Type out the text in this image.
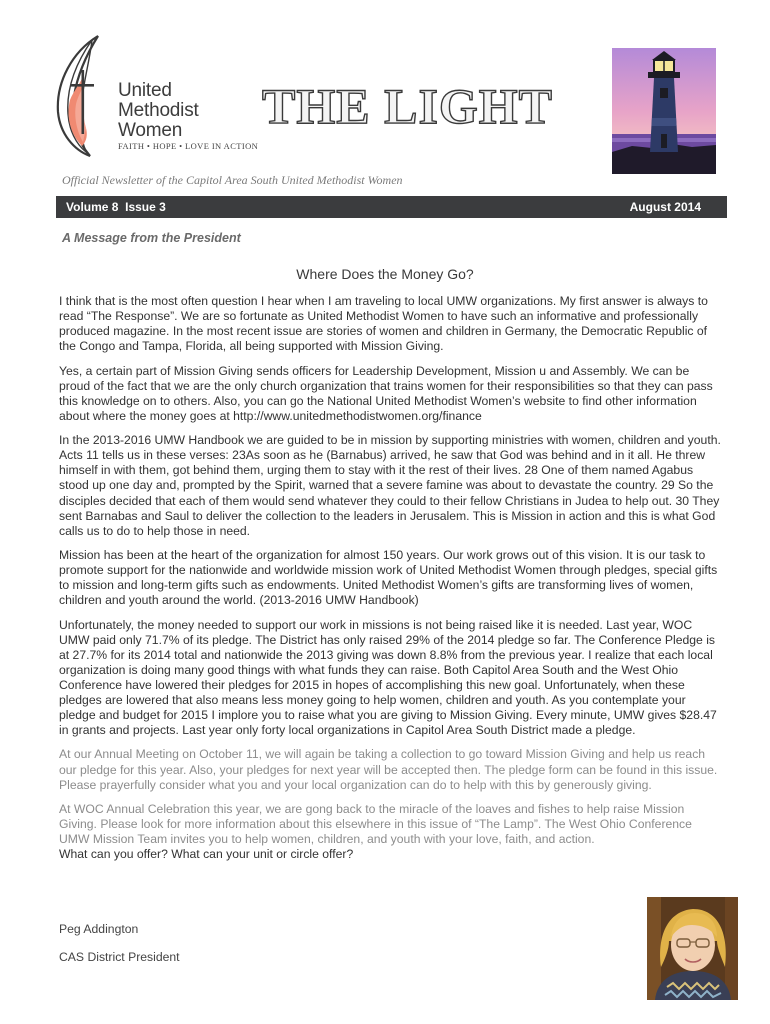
United
Methodist
Women
FAITH • HOPE • LOVE IN ACTION
THE LIGHT
Official Newsletter of the Capitol Area South United Methodist Women
Volume 8  Issue 3	August 2014
A Message from the President
Where Does the Money Go?

I think that is the most often question I hear when I am traveling to local UMW organizations. My first answer is always to read “The Response”. We are so fortunate as United Methodist Women to have such an informative and professionally produced magazine. In the most recent issue are stories of women and children in Germany, the Democratic Republic of the Congo and Tampa, Florida, all being supported with Mission Giving.

Yes, a certain part of Mission Giving sends officers for Leadership Development, Mission u and Assembly. We can be proud of the fact that we are the only church organization that trains women for their responsibilities so that they can pass this knowledge on to others. Also, you can go the National United Methodist Women’s website to find other information about where the money goes at http://www.unitedmethodistwomen.org/finance

In the 2013-2016 UMW Handbook we are guided to be in mission by supporting ministries with women, children and youth. Acts 11 tells us in these verses: 23As soon as he (Barnabus) arrived, he saw that God was behind and in it all. He threw himself in with them, got behind them, urging them to stay with it the rest of their lives. 28 One of them named Agabus stood up one day and, prompted by the Spirit, warned that a severe famine was about to devastate the country. 29 So the disciples decided that each of them would send whatever they could to their fellow Christians in Judea to help out. 30 They sent Barnabas and Saul to deliver the collection to the leaders in Jerusalem. This is Mission in action and this is what God calls us to do to help those in need.

Mission has been at the heart of the organization for almost 150 years. Our work grows out of this vision. It is our task to promote support for the nationwide and worldwide mission work of United Methodist Women through pledges, special gifts to mission and long-term gifts such as endowments. United Methodist Women’s gifts are transforming lives of women, children and youth around the world. (2013-2016 UMW Handbook)

Unfortunately, the money needed to support our work in missions is not being raised like it is needed. Last year, WOC UMW paid only 71.7% of its pledge. The District has only raised 29% of the 2014 pledge so far. The Conference Pledge is at 27.7% for its 2014 total and nationwide the 2013 giving was down 8.8% from the previous year. I realize that each local organization is doing many good things with what funds they can raise. Both Capitol Area South and the West Ohio Conference have lowered their pledges for 2015 in hopes of accomplishing this new goal. Unfortunately, when these pledges are lowered that also means less money going to help women, children and youth. As you contemplate your pledge and budget for 2015 I implore you to raise what you are giving to Mission Giving. Every minute, UMW gives $28.47 in grants and projects. Last year only forty local organizations in Capitol Area South District made a pledge.

At our Annual Meeting on October 11, we will again be taking a collection to go toward Mission Giving and help us reach our pledge for this year. Also, your pledges for next year will be accepted then. The pledge form can be found in this issue. Please prayerfully consider what you and your local organization can do to help with this by generously giving.

At WOC Annual Celebration this year, we are gong back to the miracle of the loaves and fishes to help raise Mission Giving. Please look for more information about this elsewhere in this issue of “The Lamp”. The West Ohio Conference UMW Mission Team invites you to help women, children, and youth with your love, faith, and action.

What can you offer? What can your unit or circle offer?

Peg Addington
CAS District President
